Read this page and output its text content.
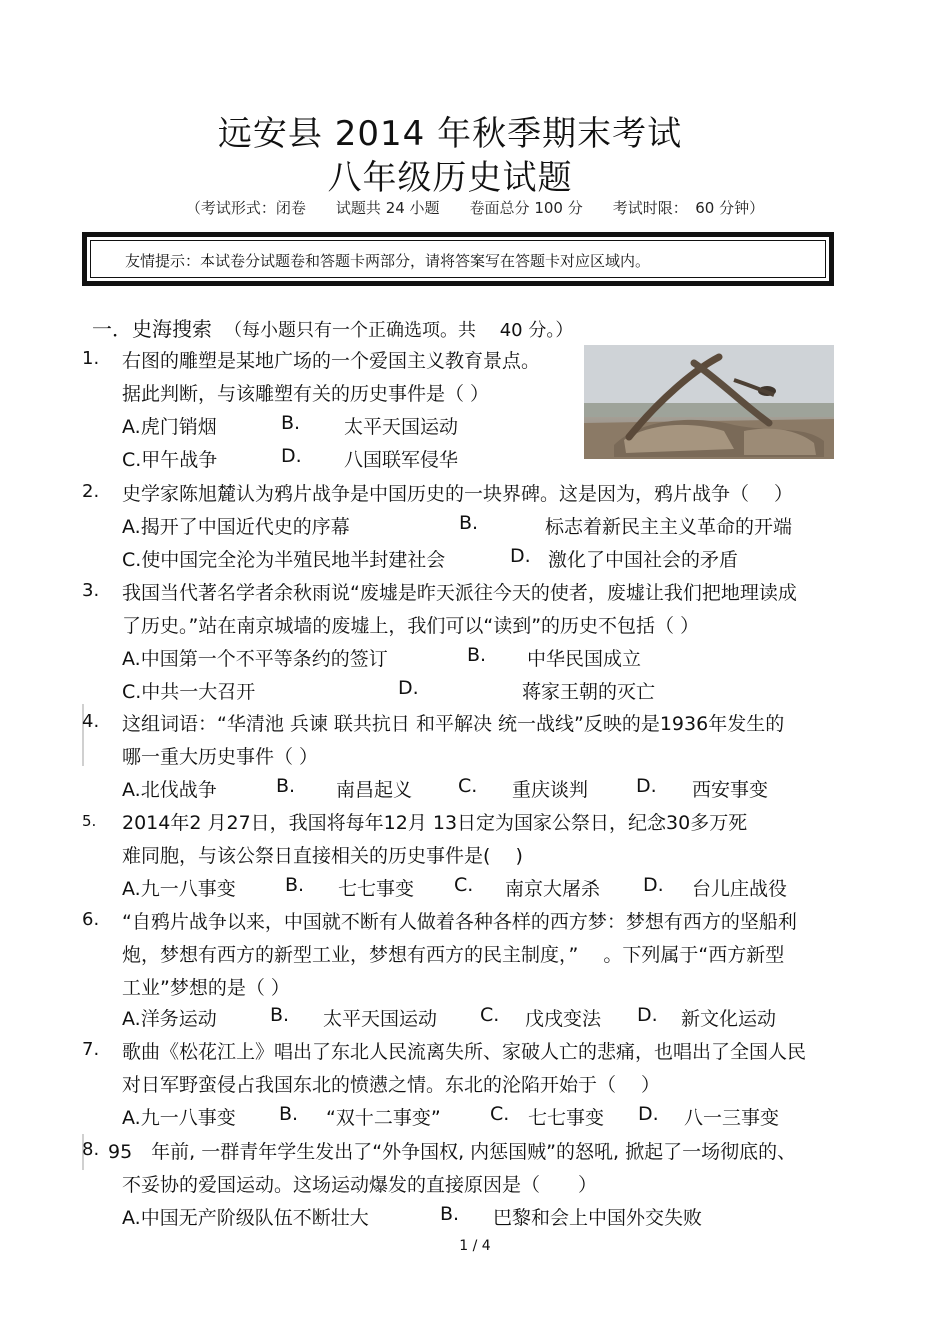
远安县 2014 年秋季期末考试
八年级历史试题
（考试形式：闭卷　　试题共 24 小题　　卷面总分 100 分　　考试时限：　60 分钟）
友情提示：本试卷分试题卷和答题卡两部分，请将答案写在答题卡对应区域内。
一．史海搜索 （每小题只有一个正确选项。共　 40 分。）
1. 右图的雕塑是某地广场的一个爱国主义教育景点。
据此判断，与该雕塑有关的历史事件是（ ）
A.虎门销烟	B. 太平天国运动
C.甲午战争	D. 八国联军侵华
2. 史学家陈旭麓认为鸦片战争是中国历史的一块界碑。这是因为，鸦片战争（　 ）
A.揭开了中国近代史的序幕	B.	标志着新民主主义革命的开端
C.使中国完全沦为半殖民地半封建社会	D. 激化了中国社会的矛盾
3. 我国当代著名学者余秋雨说“废墟是昨天派往今天的使者，废墟让我们把地理读成
了历史。”站在南京城墙的废墟上，我们可以“读到”的历史不包括（ ）
A.中国第一个不平等条约的签订	B. 中华民国成立
C.中共一大召开	D.	蒋家王朝的灭亡
4. 这组词语：“华清池 兵谏 联共抗日 和平解决 统一战线”反映的是1936年发生的
哪一重大历史事件（ ）
A.北伐战争	B. 南昌起义 C. 重庆谈判	D. 西安事变
5. 2014年2 月27日，我国将每年12月 13日定为国家公祭日，纪念30多万死
难同胞，与该公祭日直接相关的历史事件是(　 )
A.九一八事变	B. 七七事变 C. 南京大屠杀 D. 台儿庄战役
6. “自鸦片战争以来，中国就不断有人做着各种各样的西方梦：梦想有西方的坚船利
炮，梦想有西方的新型工业，梦想有西方的民主制度，”　 。下列属于“西方新型
工业”梦想的是（ ）
A.洋务运动	B. 太平天国运动 C. 戊戌变法 D. 新文化运动
7. 歌曲《松花江上》唱出了东北人民流离失所、家破人亡的悲痛，也唱出了全国人民
对日军野蛮侵占我国东北的愤懑之情。东北的沦陷开始于（　 ）
A.九一八事变 B. “双十二事变”	C. 七七事变 D. 八一三事变
8. 95　年前, 一群青年学生发出了“外争国权, 内惩国贼”的怒吼, 掀起了一场彻底的、
不妥协的爱国运动。这场运动爆发的直接原因是（　　）
A.中国无产阶级队伍不断壮大	B. 巴黎和会上中国外交失败
1 / 4
